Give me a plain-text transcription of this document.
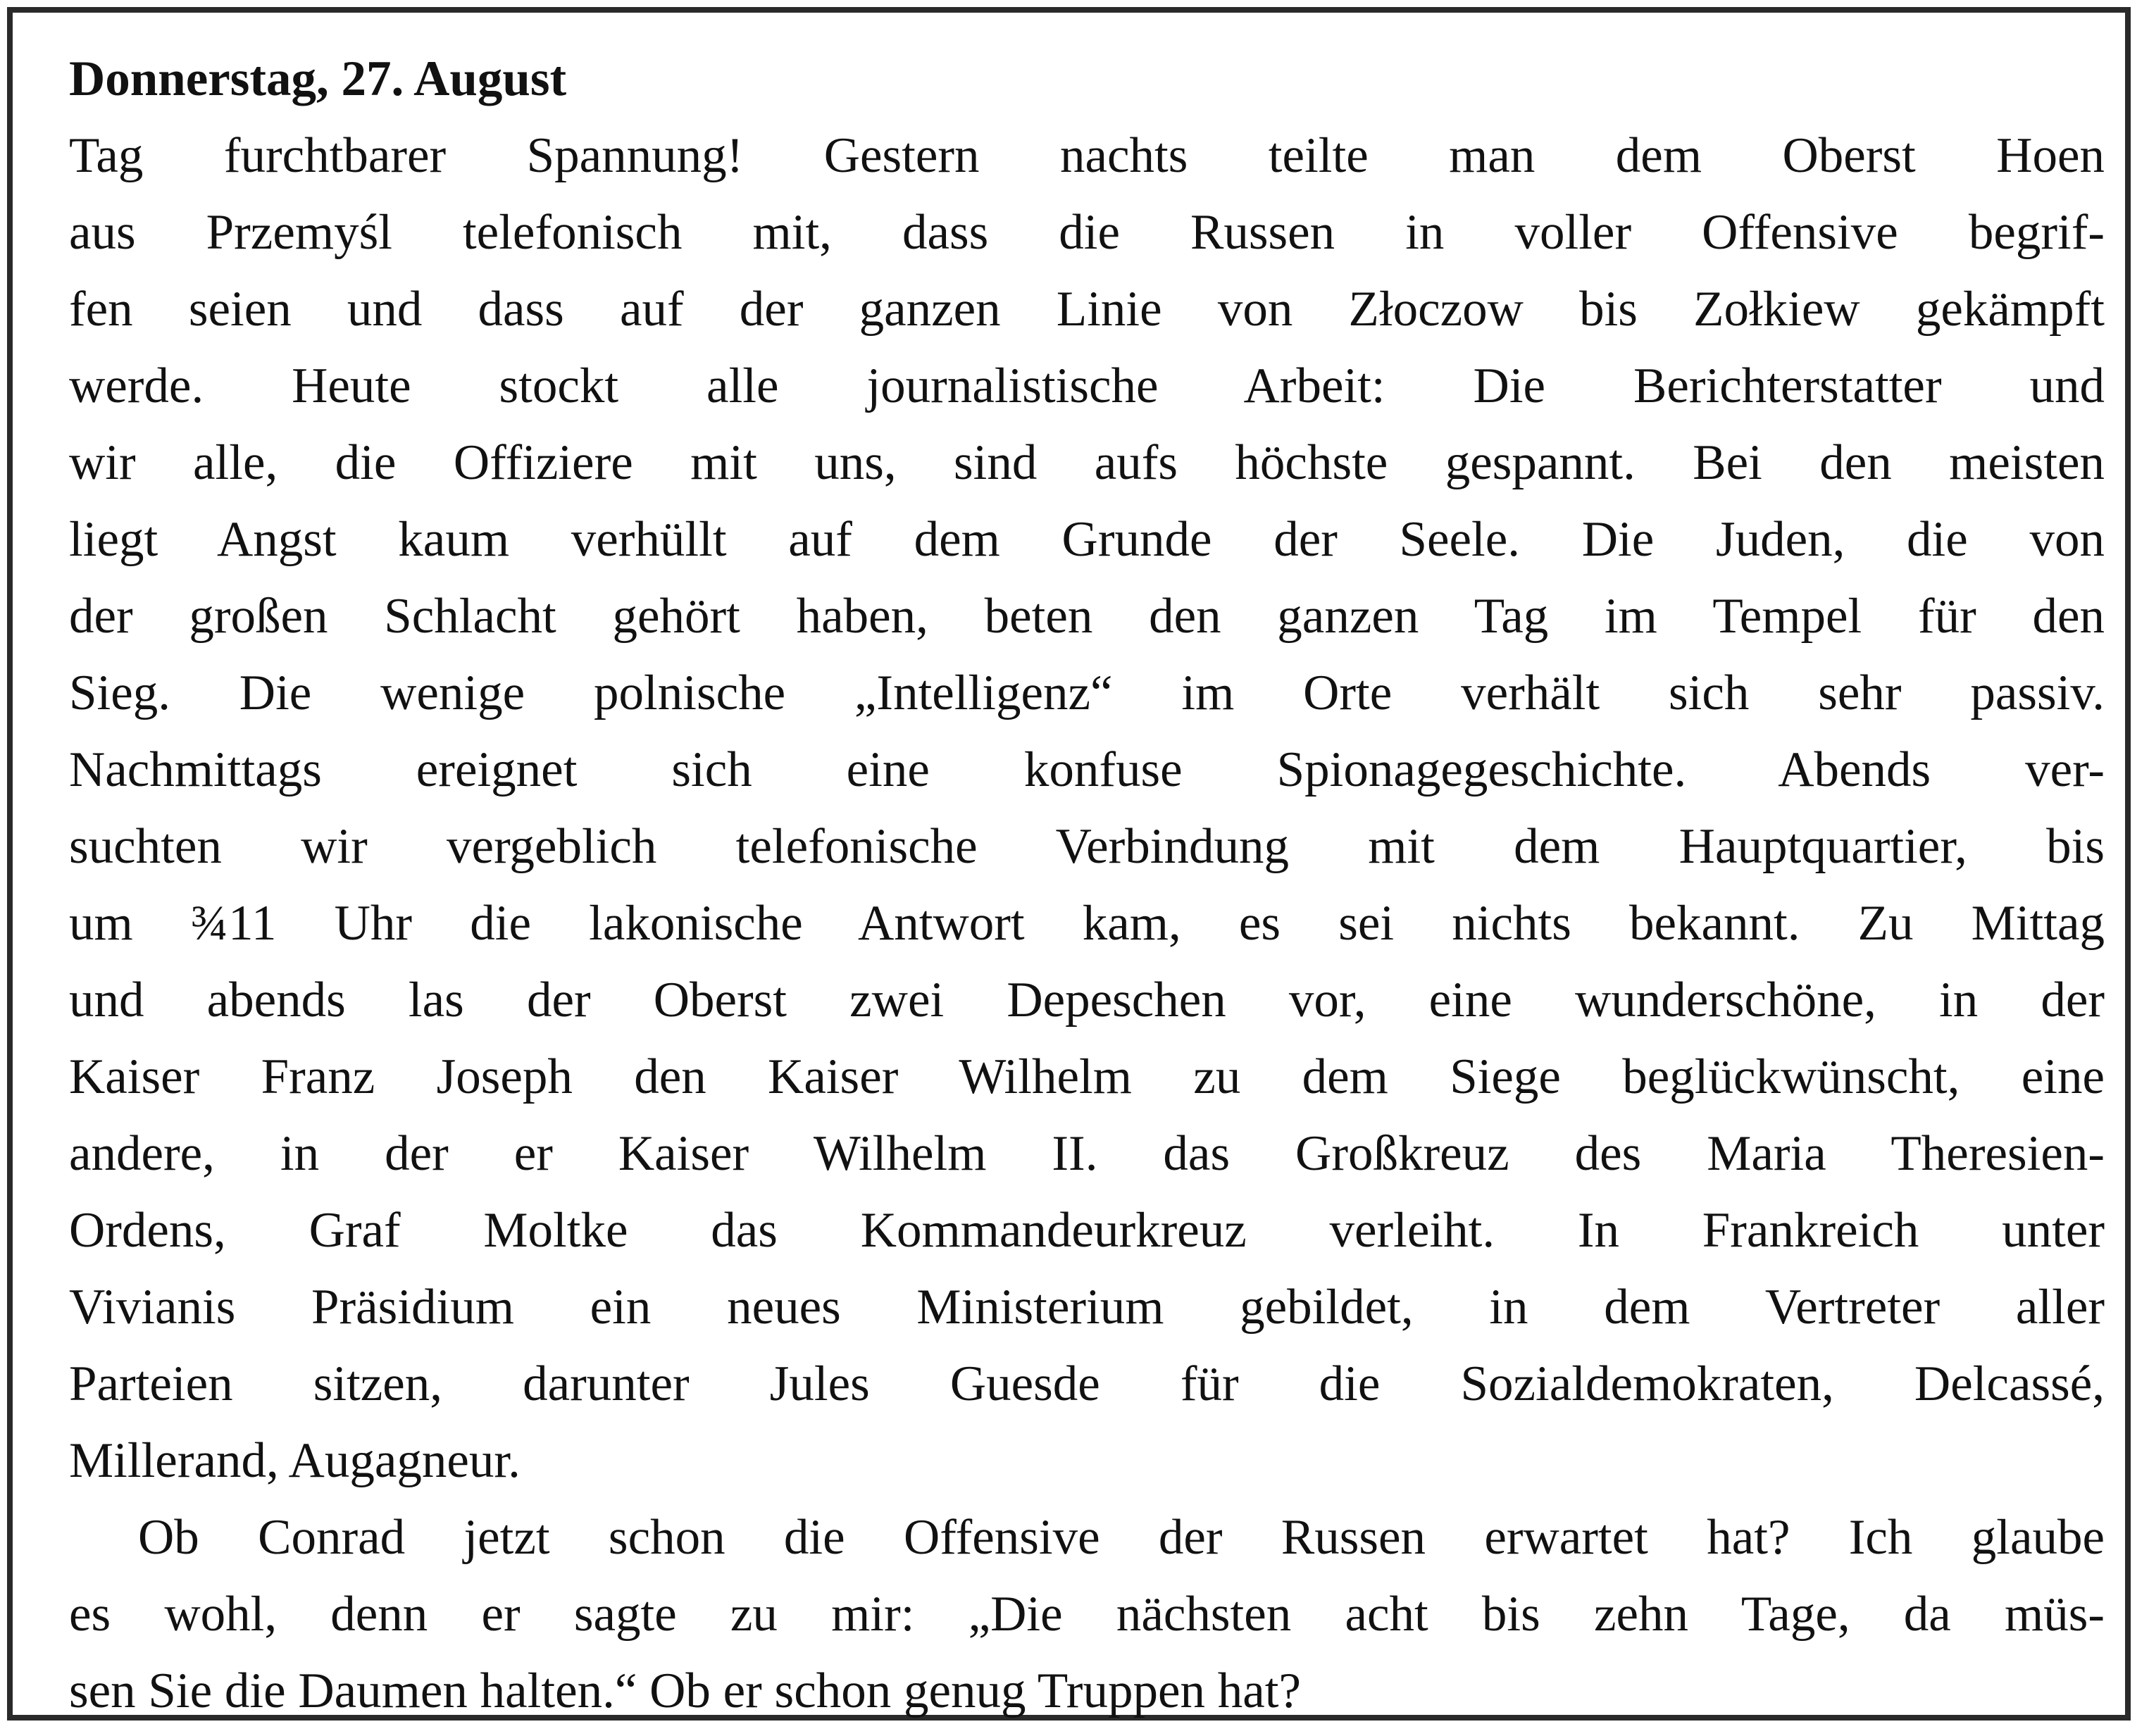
Donnerstag, 27. August
Tag furchtbarer Spannung! Gestern nachts teilte man dem Oberst Hoen
aus Przemyśl telefonisch mit, dass die Russen in voller Offensive begrif-
fen seien und dass auf der ganzen Linie von Złoczow bis Zołkiew gekämpft
werde. Heute stockt alle journalistische Arbeit: Die Berichterstatter und
wir alle, die Offiziere mit uns, sind aufs höchste gespannt. Bei den meisten
liegt Angst kaum verhüllt auf dem Grunde der Seele. Die Juden, die von
der großen Schlacht gehört haben, beten den ganzen Tag im Tempel für den
Sieg. Die wenige polnische „Intelligenz“ im Orte verhält sich sehr passiv.
Nachmittags ereignet sich eine konfuse Spionagegeschichte. Abends ver-
suchten wir vergeblich telefonische Verbindung mit dem Hauptquartier, bis
um ¾11 Uhr die lakonische Antwort kam, es sei nichts bekannt. Zu Mittag
und abends las der Oberst zwei Depeschen vor, eine wunderschöne, in der
Kaiser Franz Joseph den Kaiser Wilhelm zu dem Siege beglückwünscht, eine
andere, in der er Kaiser Wilhelm II. das Großkreuz des Maria Theresien-
Ordens, Graf Moltke das Kommandeurkreuz verleiht. In Frankreich unter
Vivianis Präsidium ein neues Ministerium gebildet, in dem Vertreter aller
Parteien sitzen, darunter Jules Guesde für die Sozialdemokraten, Delcassé,
Millerand, Augagneur.
Ob Conrad jetzt schon die Offensive der Russen erwartet hat? Ich glaube
es wohl, denn er sagte zu mir: „Die nächsten acht bis zehn Tage, da müs-
sen Sie die Daumen halten.“ Ob er schon genug Truppen hat?
